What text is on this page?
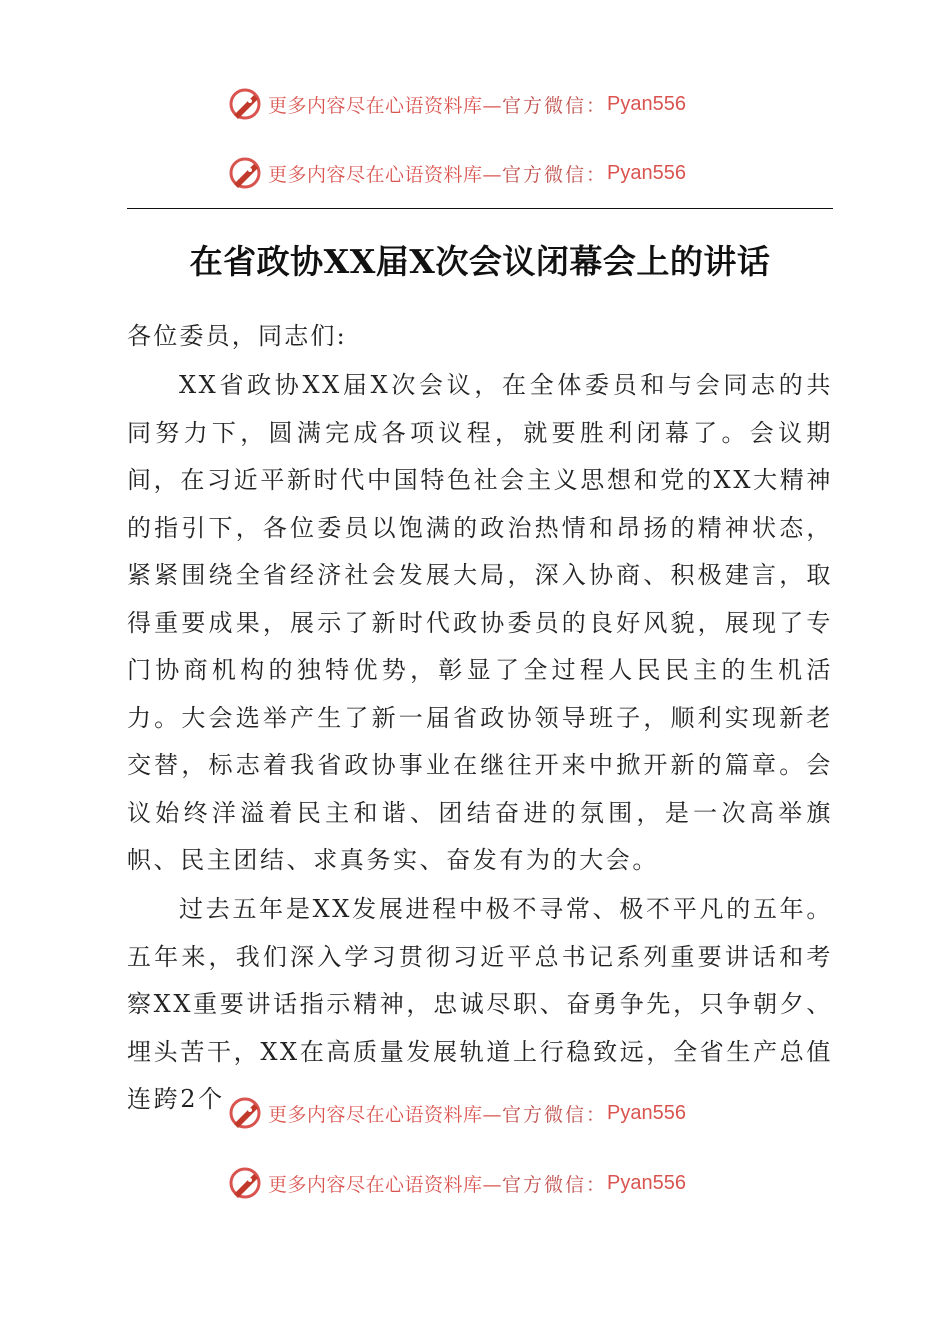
更多内容尽在心语资料库— 官方微信： Pyan556
更多内容尽在心语资料库— 官方微信： Pyan556
在省政协XX届X次会议闭幕会上的讲话
各位委员，同志们:

XX省政协XX届X次会议，在全体委员和与会同志的共同努力下，圆满完成各项议程，就要胜利闭幕了。会议期间，在习近平新时代中国特色社会主义思想和党的XX大精神的指引下，各位委员以饱满的政治热情和昂扬的精神状态，紧紧围绕全省经济社会发展大局，深入协商、积极建言，取得重要成果，展示了新时代政协委员的良好风貌，展现了专门协商机构的独特优势，彰显了全过程人民民主的生机活力。大会选举产生了新一届省政协领导班子，顺利实现新老交替，标志着我省政协事业在继往开来中掀开新的篇章。会议始终洋溢着民主和谐、团结奋进的氛围，是一次高举旗帜、民主团结、求真务实、奋发有为的大会。

过去五年是XX发展进程中极不寻常、极不平凡的五年。五年来，我们深入学习贯彻习近平总书记系列重要讲话和考察XX重要讲话指示精神，忠诚尽职、奋勇争先，只争朝夕、埋头苦干，XX在高质量发展轨道上行稳致远，全省生产总值连跨2个

更多内容尽在心语资料库— 官方微信： Pyan556
更多内容尽在心语资料库— 官方微信： Pyan556
